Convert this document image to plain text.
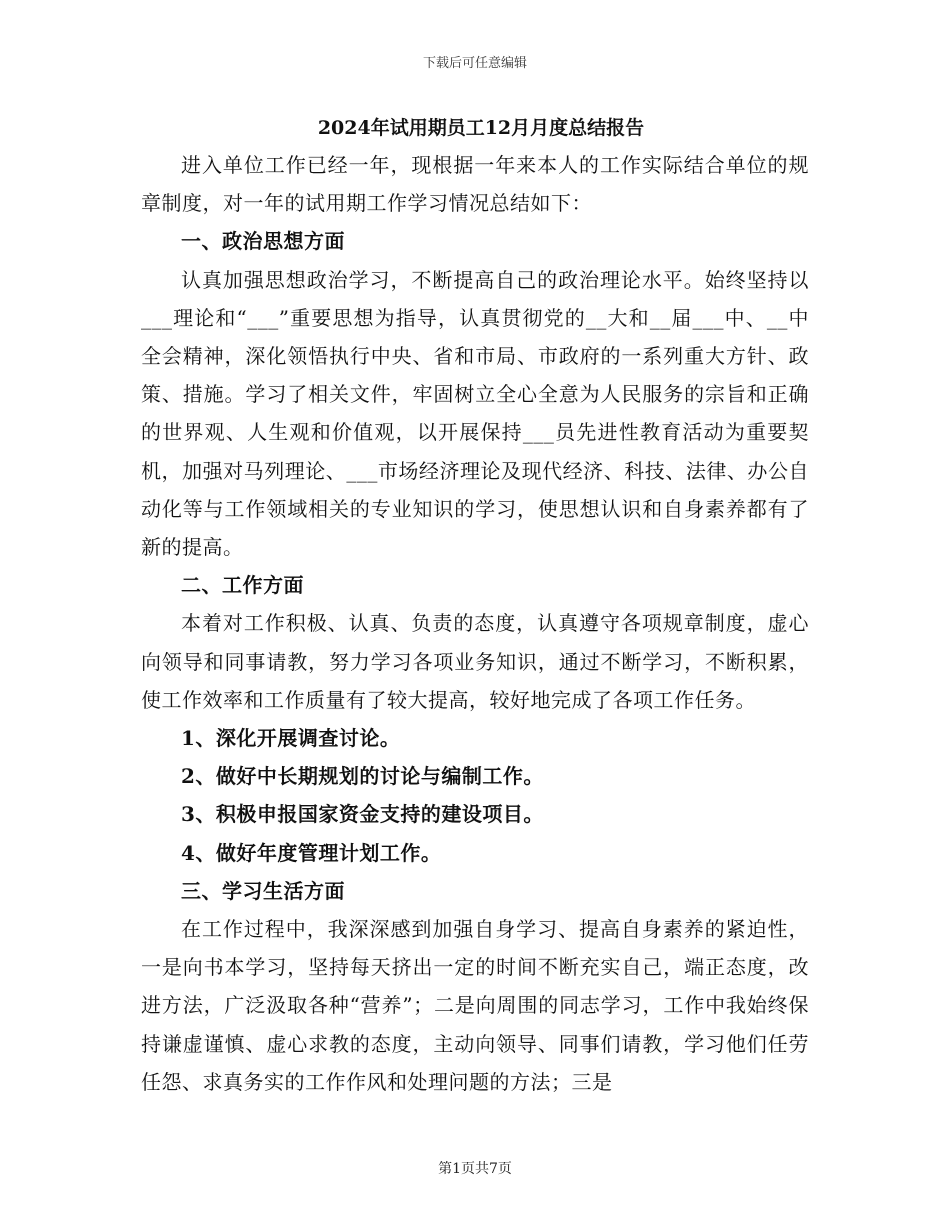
下载后可任意编辑
2024年试用期员工12月月度总结报告

进入单位工作已经一年，现根据一年来本人的工作实际结合单位的规章制度，对一年的试用期工作学习情况总结如下：

一、政治思想方面

认真加强思想政治学习，不断提高自己的政治理论水平。始终坚持以___理论和“___”重要思想为指导，认真贯彻党的__大和__届___中、__中全会精神，深化领悟执行中央、省和市局、市政府的一系列重大方针、政策、措施。学习了相关文件，牢固树立全心全意为人民服务的宗旨和正确的世界观、人生观和价值观，以开展保持___员先进性教育活动为重要契机，加强对马列理论、___市场经济理论及现代经济、科技、法律、办公自动化等与工作领域相关的专业知识的学习，使思想认识和自身素养都有了新的提高。

二、工作方面

本着对工作积极、认真、负责的态度，认真遵守各项规章制度，虚心向领导和同事请教，努力学习各项业务知识，通过不断学习，不断积累，使工作效率和工作质量有了较大提高，较好地完成了各项工作任务。

1、深化开展调查讨论。

2、做好中长期规划的讨论与编制工作。

3、积极申报国家资金支持的建设项目。

4、做好年度管理计划工作。

三、学习生活方面

在工作过程中，我深深感到加强自身学习、提高自身素养的紧迫性，一是向书本学习，坚持每天挤出一定的时间不断充实自己，端正态度，改进方法，广泛汲取各种“营养”；二是向周围的同志学习，工作中我始终保持谦虚谨慎、虚心求教的态度，主动向领导、同事们请教，学习他们任劳任怨、求真务实的工作作风和处理问题的方法；三是

第1页共7页
